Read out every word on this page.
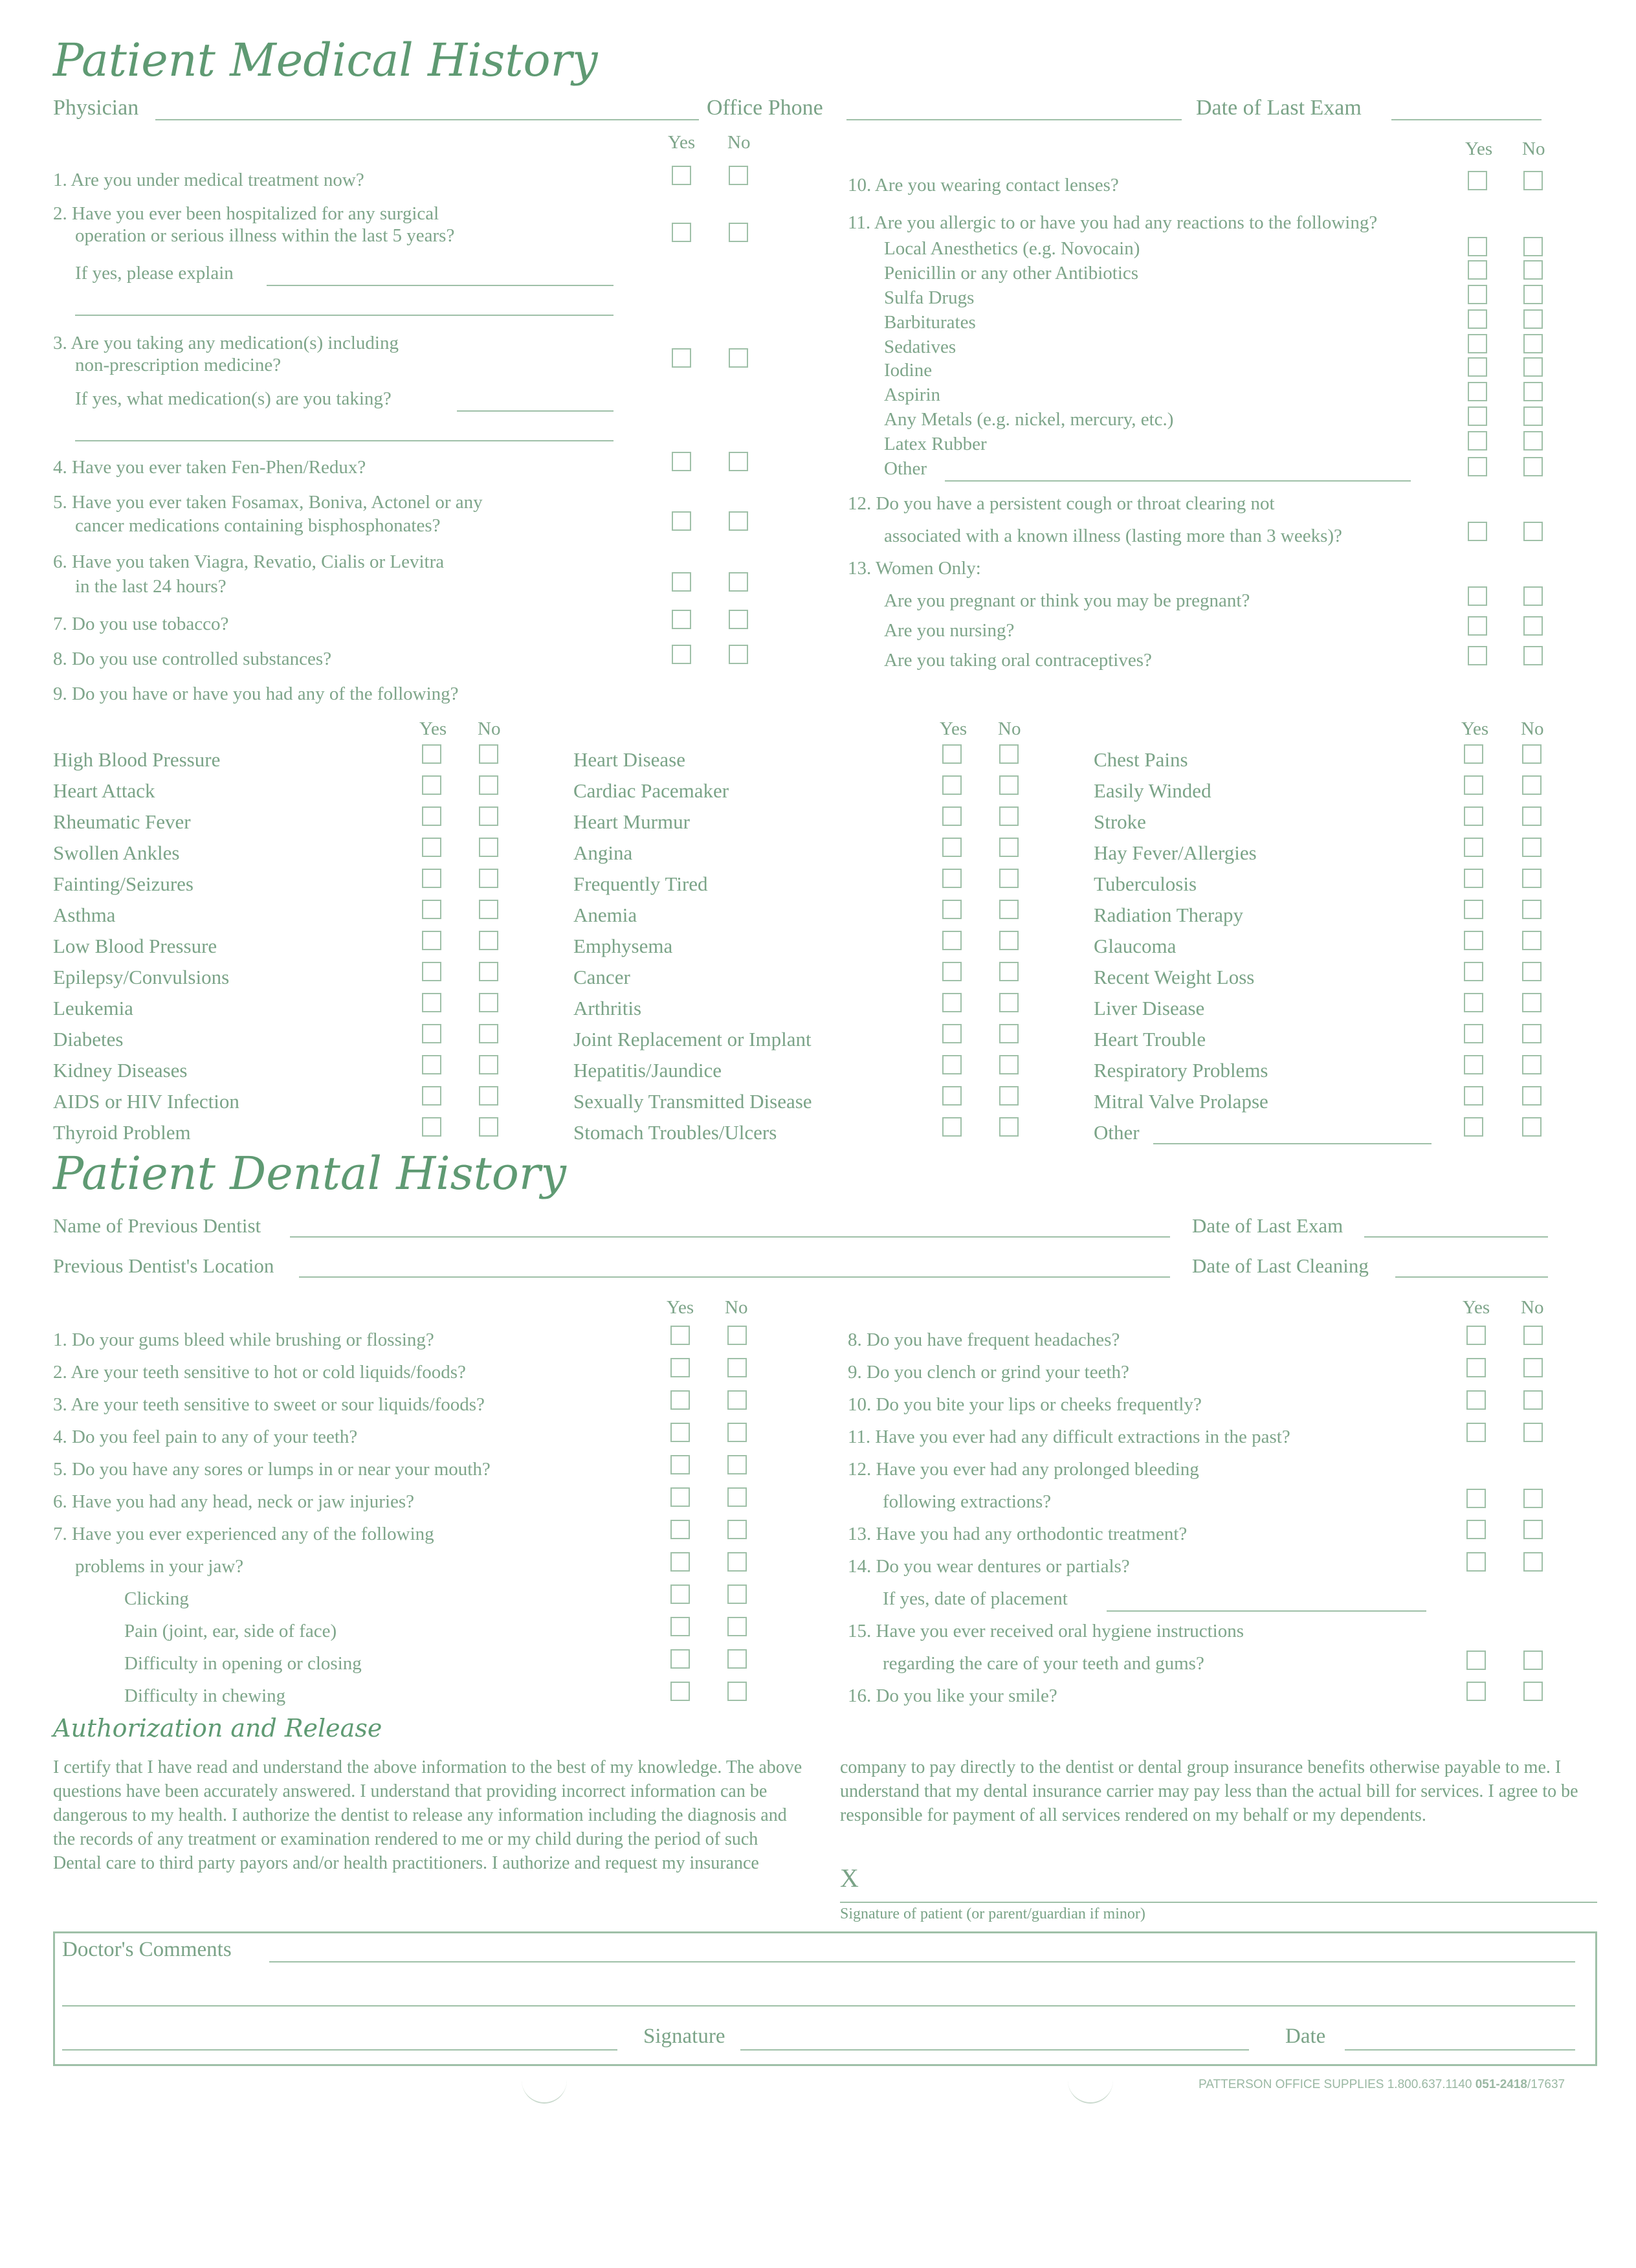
Patient Medical History
Physician	Office Phone	Date of Last Exam
Yes No	Yes No
1. Are you under medical treatment now?
2. Have you ever been hospitalized for any surgical
operation or serious illness within the last 5 years?
If yes, please explain
3. Are you taking any medication(s) including
non-prescription medicine?
If yes, what medication(s) are you taking?
4. Have you ever taken Fen-Phen/Redux?
5. Have you ever taken Fosamax, Boniva, Actonel or any
cancer medications containing bisphosphonates?
6. Have you taken Viagra, Revatio, Cialis or Levitra
in the last 24 hours?
7. Do you use tobacco?
8. Do you use controlled substances?
9. Do you have or have you had any of the following?
10. Are you wearing contact lenses?
11. Are you allergic to or have you had any reactions to the following?
Local Anesthetics (e.g. Novocain)
Penicillin or any other Antibiotics
Sulfa Drugs
Barbiturates
Sedatives
Iodine
Aspirin
Any Metals (e.g. nickel, mercury, etc.)
Latex Rubber
Other
12. Do you have a persistent cough or throat clearing not
associated with a known illness (lasting more than 3 weeks)?
13. Women Only:
Are you pregnant or think you may be pregnant?
Are you nursing?
Are you taking oral contraceptives?
Yes No	Yes No	Yes No
High Blood Pressure
Heart Attack
Rheumatic Fever
Swollen Ankles
Fainting/Seizures
Asthma
Low Blood Pressure
Epilepsy/Convulsions
Leukemia
Diabetes
Kidney Diseases
AIDS or HIV Infection
Thyroid Problem
Heart Disease
Cardiac Pacemaker
Heart Murmur
Angina
Frequently Tired
Anemia
Emphysema
Cancer
Arthritis
Joint Replacement or Implant
Hepatitis/Jaundice
Sexually Transmitted Disease
Stomach Troubles/Ulcers
Chest Pains
Easily Winded
Stroke
Hay Fever/Allergies
Tuberculosis
Radiation Therapy
Glaucoma
Recent Weight Loss
Liver Disease
Heart Trouble
Respiratory Problems
Mitral Valve Prolapse
Other
Patient Dental History
Name of Previous Dentist	Date of Last Exam
Previous Dentist's Location	Date of Last Cleaning
Yes No	Yes No
1. Do your gums bleed while brushing or flossing?
2. Are your teeth sensitive to hot or cold liquids/foods?
3. Are your teeth sensitive to sweet or sour liquids/foods?
4. Do you feel pain to any of your teeth?
5. Do you have any sores or lumps in or near your mouth?
6. Have you had any head, neck or jaw injuries?
7. Have you ever experienced any of the following
problems in your jaw?
Clicking
Pain (joint, ear, side of face)
Difficulty in opening or closing
Difficulty in chewing
8. Do you have frequent headaches?
9. Do you clench or grind your teeth?
10. Do you bite your lips or cheeks frequently?
11. Have you ever had any difficult extractions in the past?
12. Have you ever had any prolonged bleeding
following extractions?
13. Have you had any orthodontic treatment?
14. Do you wear dentures or partials?
If yes, date of placement
15. Have you ever received oral hygiene instructions
regarding the care of your teeth and gums?
16. Do you like your smile?
Authorization and Release
I certify that I have read and understand the above information to the best of my knowledge. The above questions have been accurately answered. I understand that providing incorrect information can be dangerous to my health. I authorize the dentist to release any information including the diagnosis and the records of any treatment or examination rendered to me or my child during the period of such Dental care to third party payors and/or health practitioners. I authorize and request my insurance
company to pay directly to the dentist or dental group insurance benefits otherwise payable to me. I understand that my dental insurance carrier may pay less than the actual bill for services. I agree to be responsible for payment of all services rendered on my behalf or my dependents.
X
Signature of patient (or parent/guardian if minor)
Doctor's Comments
Signature	Date
PATTERSON OFFICE SUPPLIES 1.800.637.1140 051-2418/17637
